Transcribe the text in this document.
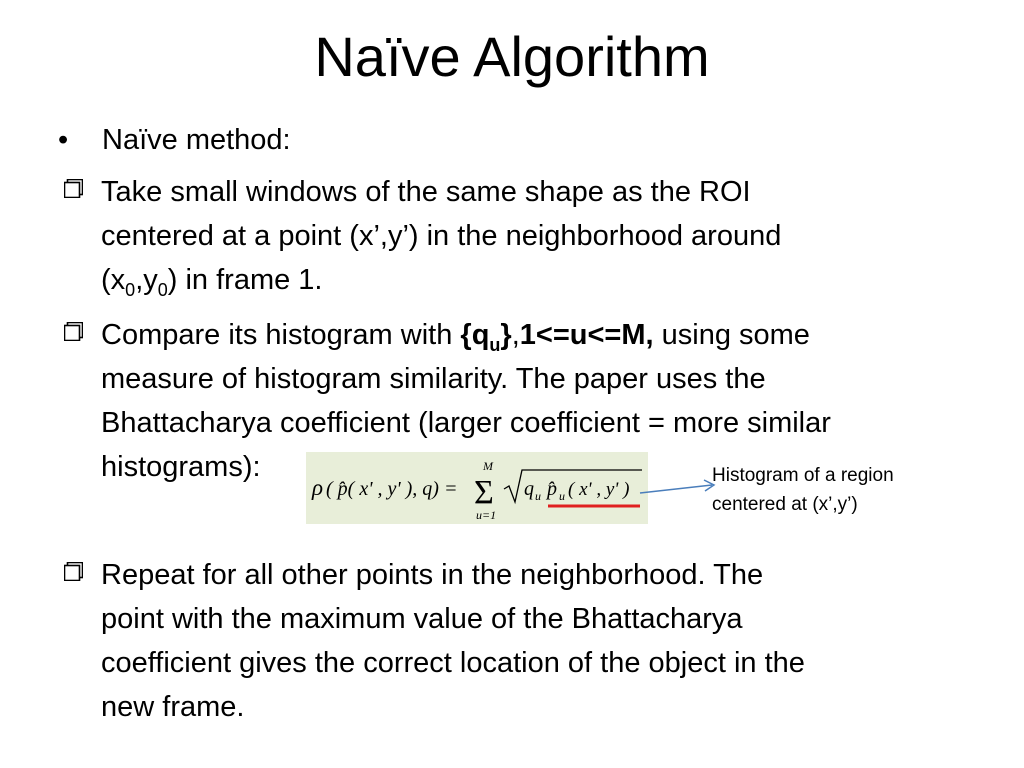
Naïve Algorithm
• Naïve method:
Take small windows of the same shape as the ROI
centered at a point (x’,y’) in the neighborhood around
$(x_0,y_0)$ in frame 1.
Compare its histogram with $\{q_u\},1<=u<=M$, using some
measure of histogram similarity. The paper uses the
Bhattacharya coefficient (larger coefficient = more similar
histograms):
ρ ( p̂( x' , y' ), q) =
M
Σ
u=1
q u p̂ u ( x' , y' )
Histogram of a region
centered at (x’,y’)
Repeat for all other points in the neighborhood. The
point with the maximum value of the Bhattacharya
coefficient gives the correct location of the object in the
new frame.
